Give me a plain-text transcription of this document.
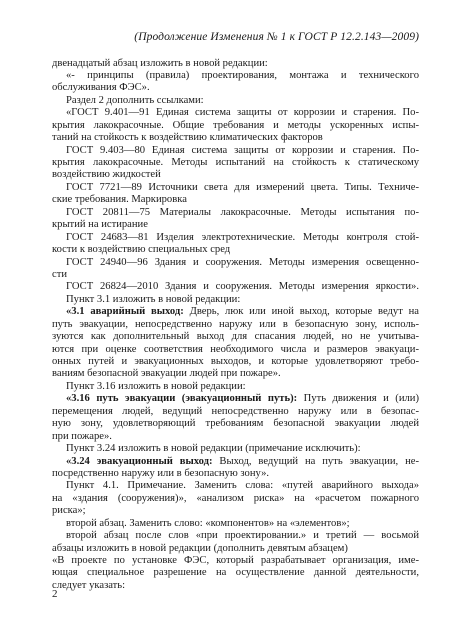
(Продолжение Изменения № 1 к ГОСТ Р 12.2.143—2009)
двенадцатый абзац изложить в новой редакции:
«- принципы (правила) проектирования, монтажа и технического
обслуживания ФЭС».
Раздел 2 дополнить ссылками:
«ГОСТ 9.401—91 Единая система защиты от коррозии и старения. По-
крытия лакокрасочные. Общие требования и методы ускоренных испы-
таний на стойкость к воздействию климатических факторов
ГОСТ 9.403—80 Единая система защиты от коррозии и старения. По-
крытия лакокрасочные. Методы испытаний на стойкость к статическому
воздействию жидкостей
ГОСТ 7721—89 Источники света для измерений цвета. Типы. Техниче-
ские требования. Маркировка
ГОСТ 20811—75 Материалы лакокрасочные. Методы испытания по-
крытий на истирание
ГОСТ 24683—81 Изделия электротехнические. Методы контроля стой-
кости к воздействию специальных сред
ГОСТ 24940—96 Здания и сооружения. Методы измерения освещенно-
сти
ГОСТ 26824—2010 Здания и сооружения. Методы измерения яркости».
Пункт 3.1 изложить в новой редакции:
«3.1 аварийный выход: Дверь, люк или иной выход, которые ведут на
путь эвакуации, непосредственно наружу или в безопасную зону, исполь-
зуются как дополнительный выход для спасания людей, но не учитыва-
ются при оценке соответствия необходимого числа и размеров эвакуаци-
онных путей и эвакуационных выходов, и которые удовлетворяют требо-
ваниям безопасной эвакуации людей при пожаре».
Пункт 3.16 изложить в новой редакции:
«3.16 путь эвакуации (эвакуационный путь): Путь движения и (или)
перемещения людей, ведущий непосредственно наружу или в безопас-
ную зону, удовлетворяющий требованиям безопасной эвакуации людей
при пожаре».
Пункт 3.24 изложить в новой редакции (примечание исключить):
«3.24 эвакуационный выход: Выход, ведущий на путь эвакуации, не-
посредственно наружу или в безопасную зону».
Пункт 4.1. Примечание. Заменить слова: «путей аварийного выхода»
на «здания (сооружения)», «анализом риска» на «расчетом пожарного
риска»;
второй абзац. Заменить слово: «компонентов» на «элементов»;
второй абзац после слов «при проектировании.» и третий — восьмой
абзацы изложить в новой редакции (дополнить девятым абзацем)
«В проекте по установке ФЭС, который разрабатывает организация, име-
ющая специальное разрешение на осуществление данной деятельности,
следует указать:
2
